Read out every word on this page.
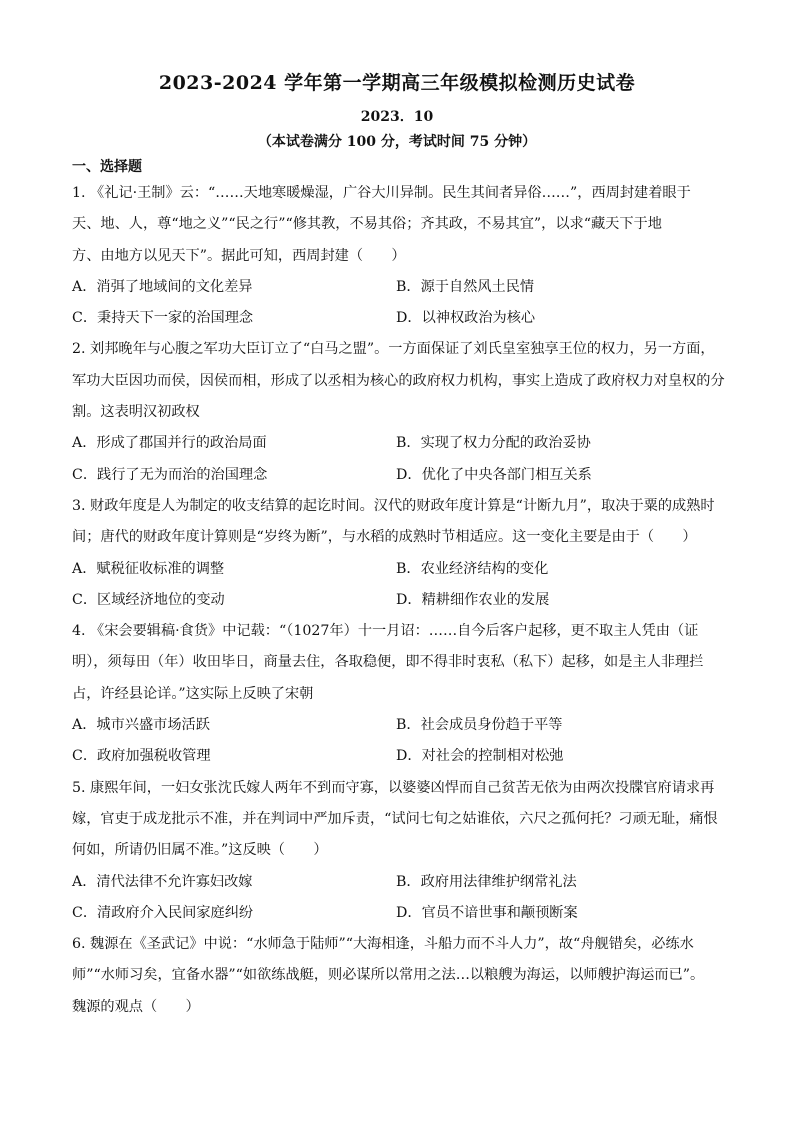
2023-2024 学年第一学期高三年级模拟检测历史试卷
2023．10
（本试卷满分 100 分，考试时间 75 分钟）
一、选择题
1. 《礼记·王制》云：“……天地寒暖燥湿，广谷大川异制。民生其间者异俗……”，西周封建着眼于
天、地、人，尊“地之义”“民之行”“修其教，不易其俗；齐其政，不易其宜”，以求“藏天下于地
方、由地方以见天下”。据此可知，西周封建（　　）
A．消弭了地域间的文化差异	B．源于自然风土民情
C．秉持天下一家的治国理念	D．以神权政治为核心
2. 刘邦晚年与心腹之军功大臣订立了“白马之盟”。一方面保证了刘氏皇室独享王位的权力，另一方面，
军功大臣因功而侯，因侯而相，形成了以丞相为核心的政府权力机构，事实上造成了政府权力对皇权的分
割。这表明汉初政权
A．形成了郡国并行的政治局面	B．实现了权力分配的政治妥协
C．践行了无为而治的治国理念	D．优化了中央各部门相互关系
3. 财政年度是人为制定的收支结算的起讫时间。汉代的财政年度计算是“计断九月”，取决于粟的成熟时
间；唐代的财政年度计算则是“岁终为断”，与水稻的成熟时节相适应。这一变化主要是由于（　　）
A．赋税征收标准的调整	B．农业经济结构的变化
C．区域经济地位的变动	D．精耕细作农业的发展
4. 《宋会要辑稿·食货》中记载：“（1027年）十一月诏：……自今后客户起移，更不取主人凭由（证
明），须每田（年）收田毕日，商量去住，各取稳便，即不得非时衷私（私下）起移，如是主人非理拦
占，许经县论详。”这实际上反映了宋朝
A．城市兴盛市场活跃	B．社会成员身份趋于平等
C．政府加强税收管理	D．对社会的控制相对松弛
5. 康熙年间，一妇女张沈氏嫁人两年不到而守寡，以婆婆凶悍而自己贫苦无依为由两次投牒官府请求再
嫁，官吏于成龙批示不准，并在判词中严加斥责，“试问七旬之姑谁依，六尺之孤何托？刁顽无耻，痛恨
何如，所请仍旧属不准。”这反映（　　）
A．清代法律不允许寡妇改嫁	B．政府用法律维护纲常礼法
C．清政府介入民间家庭纠纷	D．官员不谙世事和颟顸断案
6. 魏源在《圣武记》中说：“水师急于陆师”“大海相逢，斗船力而不斗人力”，故“舟舰错矣，必练水
师”“水师习矣，宜备水器”“如欲练战艇，则必谋所以常用之法…以粮艘为海运，以师艘护海运而已”。
魏源的观点（　　）
